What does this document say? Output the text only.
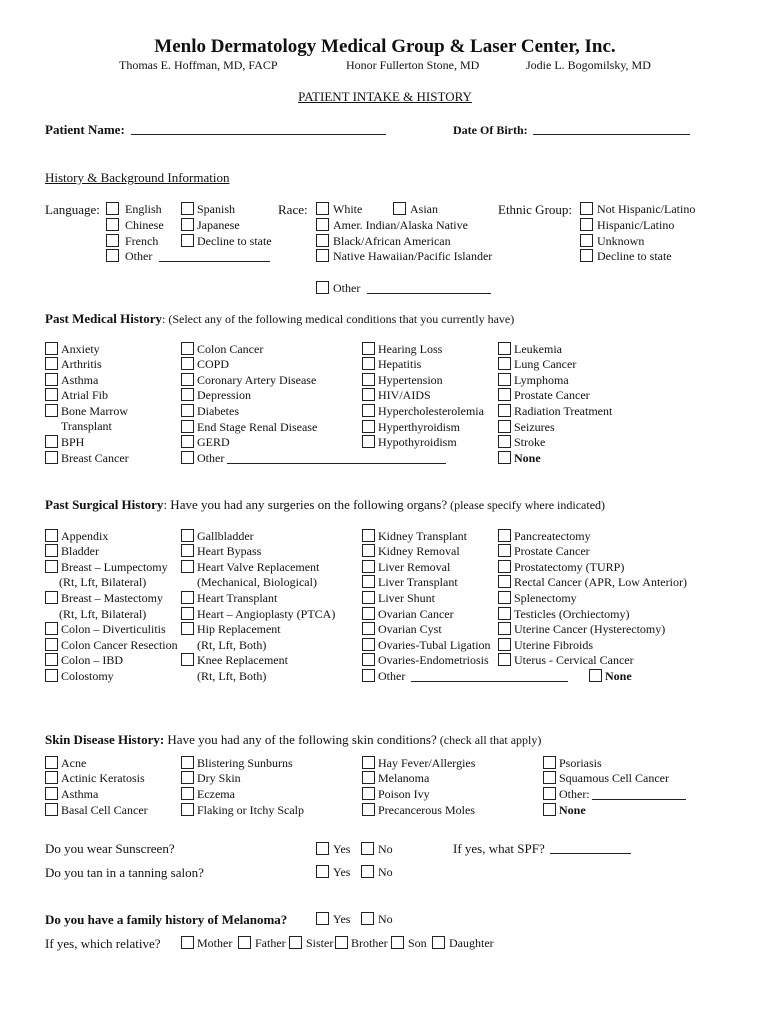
Menlo Dermatology Medical Group & Laser Center, Inc.
Thomas E. Hoffman, MD, FACP	Honor Fullerton Stone, MD	Jodie L. Bogomilsky, MD
PATIENT INTAKE & HISTORY
Patient Name:	Date Of Birth:
History & Background Information
Language: English	Spanish
Chinese	Japanese
French	Decline to state
Other
Race: White	Asian
Amer. Indian/Alaska Native
Black/African American
Native Hawaiian/Pacific Islander
Other
Ethnic Group: Not Hispanic/Latino
Hispanic/Latino
Unknown
Decline to state
Past Medical History: (Select any of the following medical conditions that you currently have)
Anxiety
Arthritis
Asthma
Atrial Fib
Bone Marrow
Transplant
BPH
Breast Cancer
Colon Cancer
COPD
Coronary Artery Disease
Depression
Diabetes
End Stage Renal Disease
GERD
Other
Hearing Loss
Hepatitis
Hypertension
HIV/AIDS
Hypercholesterolemia
Hyperthyroidism
Hypothyroidism
Leukemia
Lung Cancer
Lymphoma
Prostate Cancer
Radiation Treatment
Seizures
Stroke
None
Past Surgical History: Have you had any surgeries on the following organs? (please specify where indicated)
Appendix
Bladder
Breast – Lumpectomy
(Rt, Lft, Bilateral)
Breast – Mastectomy
(Rt, Lft, Bilateral)
Colon – Diverticulitis
Colon Cancer Resection
Colon – IBD
Colostomy
Gallbladder
Heart Bypass
Heart Valve Replacement
(Mechanical, Biological)
Heart Transplant
Heart – Angioplasty (PTCA)
Hip Replacement
(Rt, Lft, Both)
Knee Replacement
(Rt, Lft, Both)
Kidney Transplant
Kidney Removal
Liver Removal
Liver Transplant
Liver Shunt
Ovarian Cancer
Ovarian Cyst
Ovaries-Tubal Ligation
Ovaries-Endometriosis
Other
Pancreatectomy
Prostate Cancer
Prostatectomy (TURP)
Rectal Cancer (APR, Low Anterior)
Splenectomy
Testicles (Orchiectomy)
Uterine Cancer (Hysterectomy)
Uterine Fibroids
Uterus - Cervical Cancer
None
Skin Disease History: Have you had any of the following skin conditions? (check all that apply)
Acne
Actinic Keratosis
Asthma
Basal Cell Cancer
Blistering Sunburns
Dry Skin
Eczema
Flaking or Itchy Scalp
Hay Fever/Allergies
Melanoma
Poison Ivy
Precancerous Moles
Psoriasis
Squamous Cell Cancer
Other:
None
Do you wear Sunscreen?	Yes No	If yes, what SPF?
Do you tan in a tanning salon?	Yes No
Do you have a family history of Melanoma?	Yes No
If yes, which relative?	Mother Father Sister Brother Son Daughter
